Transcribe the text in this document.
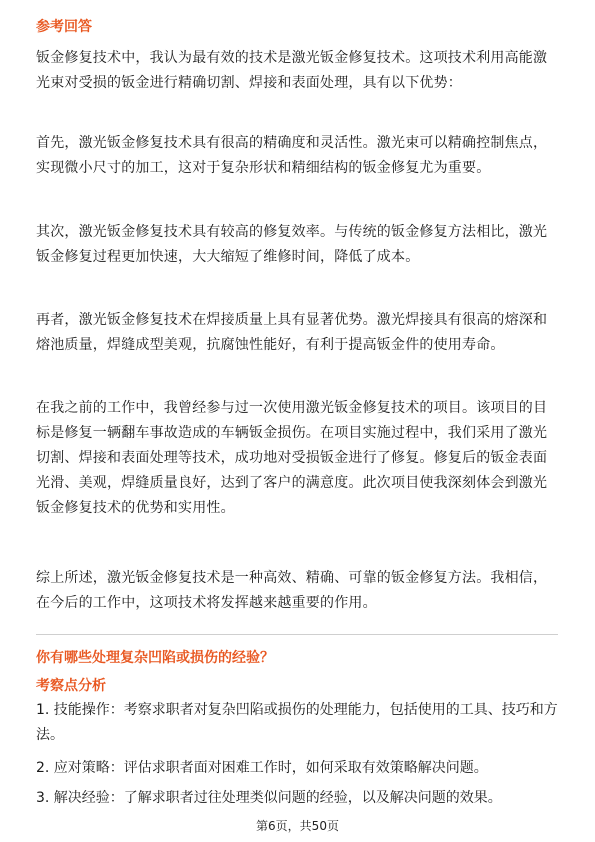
参考回答

钣金修复技术中，我认为最有效的技术是激光钣金修复技术。这项技术利用高能激光束对受损的钣金进行精确切割、焊接和表面处理，具有以下优势：

首先，激光钣金修复技术具有很高的精确度和灵活性。激光束可以精确控制焦点，实现微小尺寸的加工，这对于复杂形状和精细结构的钣金修复尤为重要。

其次，激光钣金修复技术具有较高的修复效率。与传统的钣金修复方法相比，激光钣金修复过程更加快速，大大缩短了维修时间，降低了成本。

再者，激光钣金修复技术在焊接质量上具有显著优势。激光焊接具有很高的熔深和熔池质量，焊缝成型美观，抗腐蚀性能好，有利于提高钣金件的使用寿命。

在我之前的工作中，我曾经参与过一次使用激光钣金修复技术的项目。该项目的目标是修复一辆翻车事故造成的车辆钣金损伤。在项目实施过程中，我们采用了激光切割、焊接和表面处理等技术，成功地对受损钣金进行了修复。修复后的钣金表面光滑、美观，焊缝质量良好，达到了客户的满意度。此次项目使我深刻体会到激光钣金修复技术的优势和实用性。

综上所述，激光钣金修复技术是一种高效、精确、可靠的钣金修复方法。我相信，在今后的工作中，这项技术将发挥越来越重要的作用。

你有哪些处理复杂凹陷或损伤的经验？
考察点分析
1. 技能操作：考察求职者对复杂凹陷或损伤的处理能力，包括使用的工具、技巧和方法。
2. 应对策略：评估求职者面对困难工作时，如何采取有效策略解决问题。
3. 解决经验：了解求职者过往处理类似问题的经验，以及解决问题的效果。
第6页，共50页
